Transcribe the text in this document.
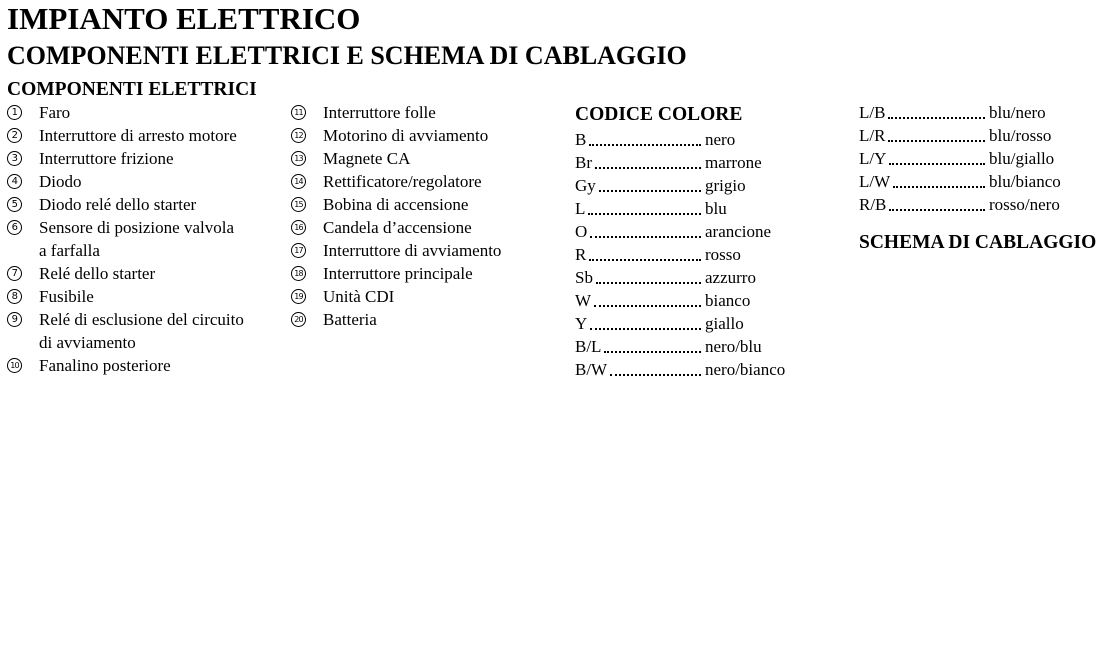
IMPIANTO ELETTRICO
COMPONENTI ELETTRICI E SCHEMA DI CABLAGGIO
COMPONENTI ELETTRICI
1 Faro
2 Interruttore di arresto motore
3 Interruttore frizione
4 Diodo
5 Diodo relé dello starter
6 Sensore di posizione valvola
a farfalla
7 Relé dello starter
8 Fusibile
9 Relé di esclusione del circuito
di avviamento
10 Fanalino posteriore
11 Interruttore folle
12 Motorino di avviamento
13 Magnete CA
14 Rettificatore/regolatore
15 Bobina di accensione
16 Candela d’accensione
17 Interruttore di avviamento
18 Interruttore principale
19 Unità CDI
20 Batteria
CODICE COLORE
B	nero
Br	marrone
Gy	grigio
L	blu
O	arancione
R	rosso
Sb	azzurro
W	bianco
Y	giallo
B/L	nero/blu
B/W	nero/bianco
L/B	blu/nero
L/R	blu/rosso
L/Y	blu/giallo
L/W	blu/bianco
R/B	rosso/nero
SCHEMA DI CABLAGGIO
